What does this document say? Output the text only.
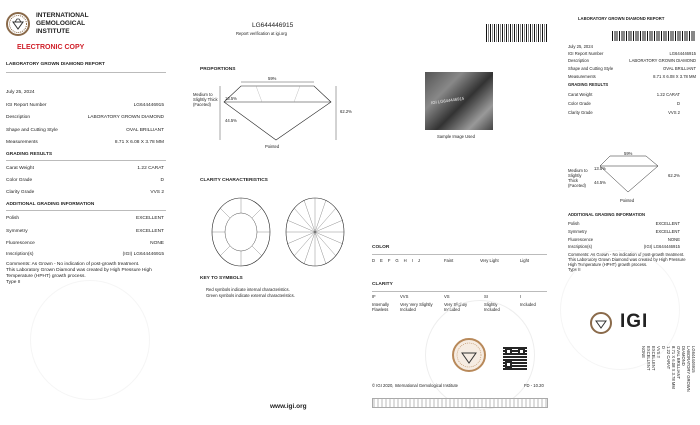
INTERNATIONAL
GEMOLOGICAL
INSTITUTE
ELECTRONIC COPY
LG644446915
Report verification at igi.org
LABORATORY GROWN DIAMOND REPORT
July 25, 2024
IGI Report Number	LG644446915
Description	LABORATORY GROWN DIAMOND
Shape and Cutting Style	OVAL BRILLIANT
Measurements	8.71 X 6.08 X 3.78 MM
GRADING RESULTS
Carat Weight	1.22 CARAT
Color Grade	D
Clarity Grade	VVS 2
ADDITIONAL GRADING INFORMATION
Polish	EXCELLENT
Symmetry	EXCELLENT
Fluorescence	NONE
Inscription(s)	(IGI) LG644446915
Comments: As Grown - No indication of post-growth treatment.
This Laboratory Grown Diamond was created by High Pressure High Temperature (HPHT) growth process.
Type II
PROPORTIONS
59%
13.5%
44.5%
62.2%
Medium to Slightly Thick (Faceted)
Pointed
IGI LG644446915
Sample Image Used
CLARITY CHARACTERISTICS
KEY TO SYMBOLS
Red symbols indicate internal characteristics.
Green symbols indicate external characteristics.
COLOR
D E F G H I J	Faint	Very Light	Light
CLARITY
IF	VVS	VS	SI	I
Internally Flawless
Very Very Slightly Included
Very Slightly Included
Slightly Included
Included
© IGI 2020, International Gemological Institute	FD - 10.20
www.igi.org
LABORATORY GROWN DIAMOND REPORT
July 25, 2024
IGI Report Number	LG644446915
Description	LABORATORY GROWN DIAMOND
Shape and Cutting Style	OVAL BRILLIANT
Measurements	8.71 X 6.08 X 3.78 MM
GRADING RESULTS
Carat Weight	1.22 CARAT
Color Grade	D
Clarity Grade	VVS 2
Medium to Slightly Thick (Faceted)
59%
13.5%
44.5%
62.2%
Pointed
ADDITIONAL GRADING INFORMATION
Polish	EXCELLENT
Symmetry	EXCELLENT
Fluorescence	NONE
Inscription(s)	(IGI) LG644446915
Comments: As Grown - No indication of post-growth treatment.
This Laboratory Grown Diamond was created by High Pressure High Temperature (HPHT) growth process.
Type II
IGI
LG644446915
LABORATORY GROWN DIAMOND
OVAL BRILLIANT
8.71 X 6.08 X 3.78 MM
1.22 CARAT
D
VVS 2
EXCELLENT
EXCELLENT
NONE
